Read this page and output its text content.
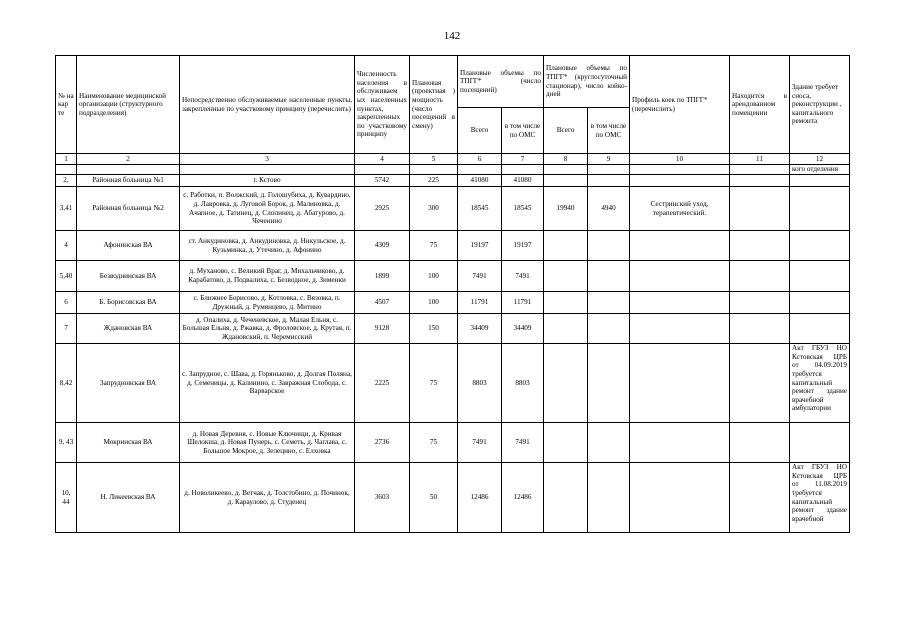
142
№ на кар те	Наименование медицинской организации (структурного подразделения)	Непосредственно обслуживаемые населенные пункты, закрепленные по участковому принципу (перечислить)	Численность населения в обслуживаем ых населенных пунктах, закрепленных по участковому принципу	Плановая (проектная ) мощность (число посещений в смену)	Плановые объемы по ТПГГ* (число посещений)		Плановые объемы по ТПГГ* (круглосуточный стационар), число койко-дней		Профиль коек по ТПГГ* (перечислить)	Находится в арендованном помещении	Здание требует сноса, реконструкции , капитального ремонта
					Всего	в том числе по ОМС	Всего	в том числе по ОМС			
1	2	3	4	5	6	7	8	9	10	11	12
											кого отделения
2,	Районная больница №1	г. Кстово	5742	225	41080	41080					
3,41	Районная больница №2	с. Работки, п. Волжский, д. Голошубиха, д. Кувардино, д. Лавровка, д. Луговой Борок, д. Малиновка, д. Ачапное, д. Татинец, д. Слопинец, д. Абатурово, д. Чеченино	2925	300	18545	18545	19940	4940	Сестринский уход, терапевтический.		
4	Афонинская ВА	ст. Анкудиновка, д. Анкудиновка, д. Никульское, д. Кузьминка, д. Утечино, д. Афонино	4309	75	19197	19197					
5,40	Безводнинская ВА	д. Муханово, с. Великий Враг, д. Михальчиково, д. Карабатово, д. Подвалиха, с. Безводное, д. Зименки	1899	100	7491	7491					
6	Б. Борисовская ВА	с. Ближнее Борисово, д. Котловка, с. Вязовка, п. Дружный, д. Румянцево, д. Митино	4507	100	11791	11791					
7	Ждановская ВА	д. Опалиха, д. Чеченевское, д. Малая Ельня, с. Большая Ельня, д. Ржавка, д. Фроловское, д. Крутая, п. Ждановский, п. Черемисский	9128	150	34409	34409					
8,42	Запрудновская ВА	с. Запрудное, с. Шава, д. Горяньково, д. Долгая Поляна, д. Семеницы, д. Калинино, с. Завражная Слобода, с. Варварское	2225	75	8803	8803					Акт ГБУЗ НО Кстовская ЦРБ от 04.09.2019 требуется капитальный ремонт здание врачебной амбулатории
9, 43	Мокринская ВА	д. Новая Деревня, с. Новые Ключищи, д. Кривая Шелокша, д. Новая Пунерь, с. Семеть, д. Чаглава, с. Большое Мокрое, д. Зелецино, с. Елховка	2736	75	7491	7491					
10, 44	Н. Ликеевская ВА	д. Новоликеево, д. Ветчак, д. Толстобино, д. Починок, д. Караулово, д. Студенец	3603	50	12486	12486					Акт ГБУЗ НО Кстовская ЦРБ от 11.08.2019 требуется капитальный ремонт здание врачебной
